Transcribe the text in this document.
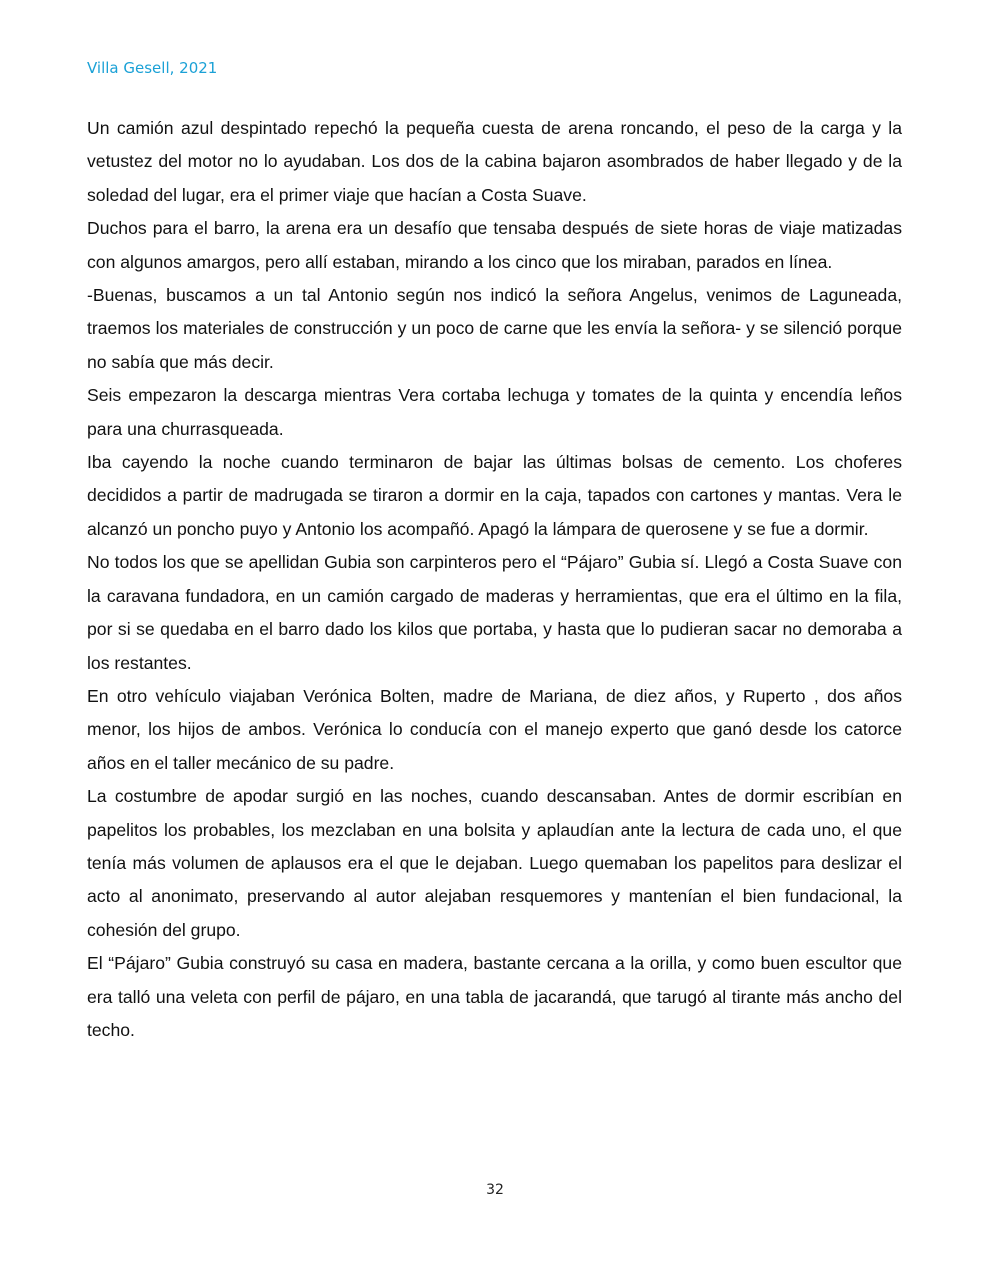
Villa Gesell, 2021

Un camión azul despintado repechó la pequeña cuesta de arena roncando, el peso de la carga y la vetustez del motor no lo ayudaban. Los dos de la cabina bajaron asombrados de haber llegado y de la soledad del lugar, era el primer viaje que hacían a Costa Suave.

Duchos para el barro, la arena era un desafío que tensaba después de siete horas de viaje matizadas con algunos amargos, pero allí estaban, mirando a los cinco que los miraban, parados en línea.

-Buenas, buscamos a un tal Antonio según nos indicó la señora Angelus, venimos de Laguneada, traemos los materiales de construcción y un poco de carne que les envía la señora- y se silenció porque no sabía que más decir.

Seis empezaron la descarga mientras Vera cortaba lechuga y tomates de la quinta y encendía leños para una churrasqueada.

Iba cayendo la noche cuando terminaron de bajar las últimas bolsas de cemento. Los choferes decididos a partir de madrugada se tiraron a dormir en la caja, tapados con cartones y mantas. Vera le alcanzó un poncho puyo y Antonio los acompañó. Apagó la lámpara de querosene y se fue a dormir.

No todos los que se apellidan Gubia son carpinteros pero el “Pájaro” Gubia sí. Llegó a Costa Suave con la caravana fundadora, en un camión cargado de maderas y herramientas, que era el último en la fila, por si se quedaba en el barro dado los kilos que portaba, y hasta que lo pudieran sacar no demoraba a los restantes.

En otro vehículo viajaban Verónica Bolten, madre de Mariana, de diez años, y Ruperto , dos años menor, los hijos de ambos. Verónica lo conducía con el manejo experto que ganó desde los catorce años en el taller mecánico de su padre.

La costumbre de apodar surgió en las noches, cuando descansaban. Antes de dormir escribían en papelitos los probables, los mezclaban en una bolsita y aplaudían ante la lectura de cada uno, el que tenía más volumen de aplausos era el que le dejaban. Luego quemaban los papelitos para deslizar el acto al anonimato, preservando al autor alejaban resquemores y mantenían el bien fundacional, la cohesión del grupo.

El “Pájaro” Gubia construyó su casa en madera, bastante cercana a la orilla, y como buen escultor que era talló una veleta con perfil de pájaro, en una tabla de jacarandá, que tarugó al tirante más ancho del techo.

32
